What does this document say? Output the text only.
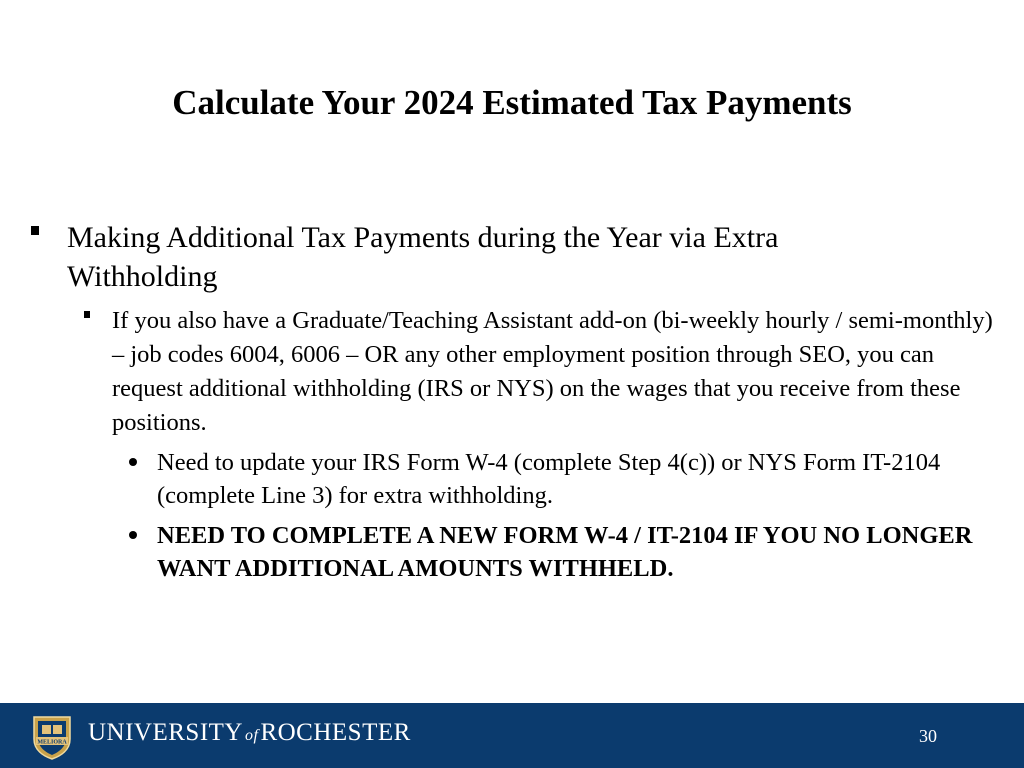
Calculate Your 2024 Estimated Tax Payments
Making Additional Tax Payments during the Year via Extra Withholding
If you also have a Graduate/Teaching Assistant add-on (bi-weekly hourly / semi-monthly) – job codes 6004, 6006 – OR any other employment position through SEO, you can request additional withholding (IRS or NYS) on the wages that you receive from these positions.
Need to update your IRS Form W-4 (complete Step 4(c)) or NYS Form IT-2104 (complete Line 3) for extra withholding.
NEED TO COMPLETE A NEW FORM W-4 / IT-2104 IF YOU NO LONGER WANT ADDITIONAL AMOUNTS WITHHELD.
MELIORA UNIVERSITY ofROCHESTER	30
